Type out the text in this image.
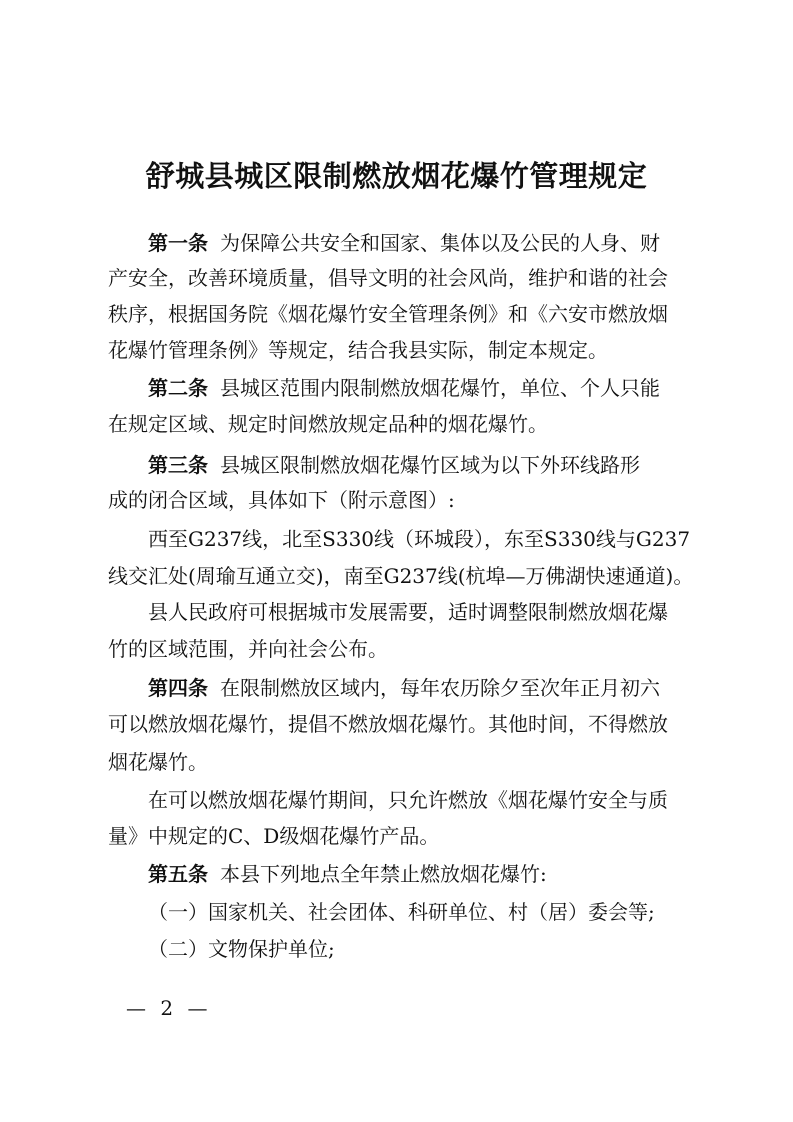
舒城县城区限制燃放烟花爆竹管理规定
第一条 为保障公共安全和国家、集体以及公民的人身、财
产安全，改善环境质量，倡导文明的社会风尚，维护和谐的社会
秩序，根据国务院《烟花爆竹安全管理条例》和《六安市燃放烟
花爆竹管理条例》等规定，结合我县实际，制定本规定。
第二条 县城区范围内限制燃放烟花爆竹，单位、个人只能
在规定区域、规定时间燃放规定品种的烟花爆竹。
第三条 县城区限制燃放烟花爆竹区域为以下外环线路形
成的闭合区域，具体如下（附示意图）:
西至G237线，北至S330线（环城段），东至S330线与G237
线交汇处(周瑜互通立交)，南至G237线(杭埠—万佛湖快速通道)。
县人民政府可根据城市发展需要，适时调整限制燃放烟花爆
竹的区域范围，并向社会公布。
第四条 在限制燃放区域内，每年农历除夕至次年正月初六
可以燃放烟花爆竹，提倡不燃放烟花爆竹。其他时间，不得燃放
烟花爆竹。
在可以燃放烟花爆竹期间，只允许燃放《烟花爆竹安全与质
量》中规定的C、D级烟花爆竹产品。
第五条 本县下列地点全年禁止燃放烟花爆竹:
（一）国家机关、社会团体、科研单位、村（居）委会等;
（二）文物保护单位;
— 2 —
